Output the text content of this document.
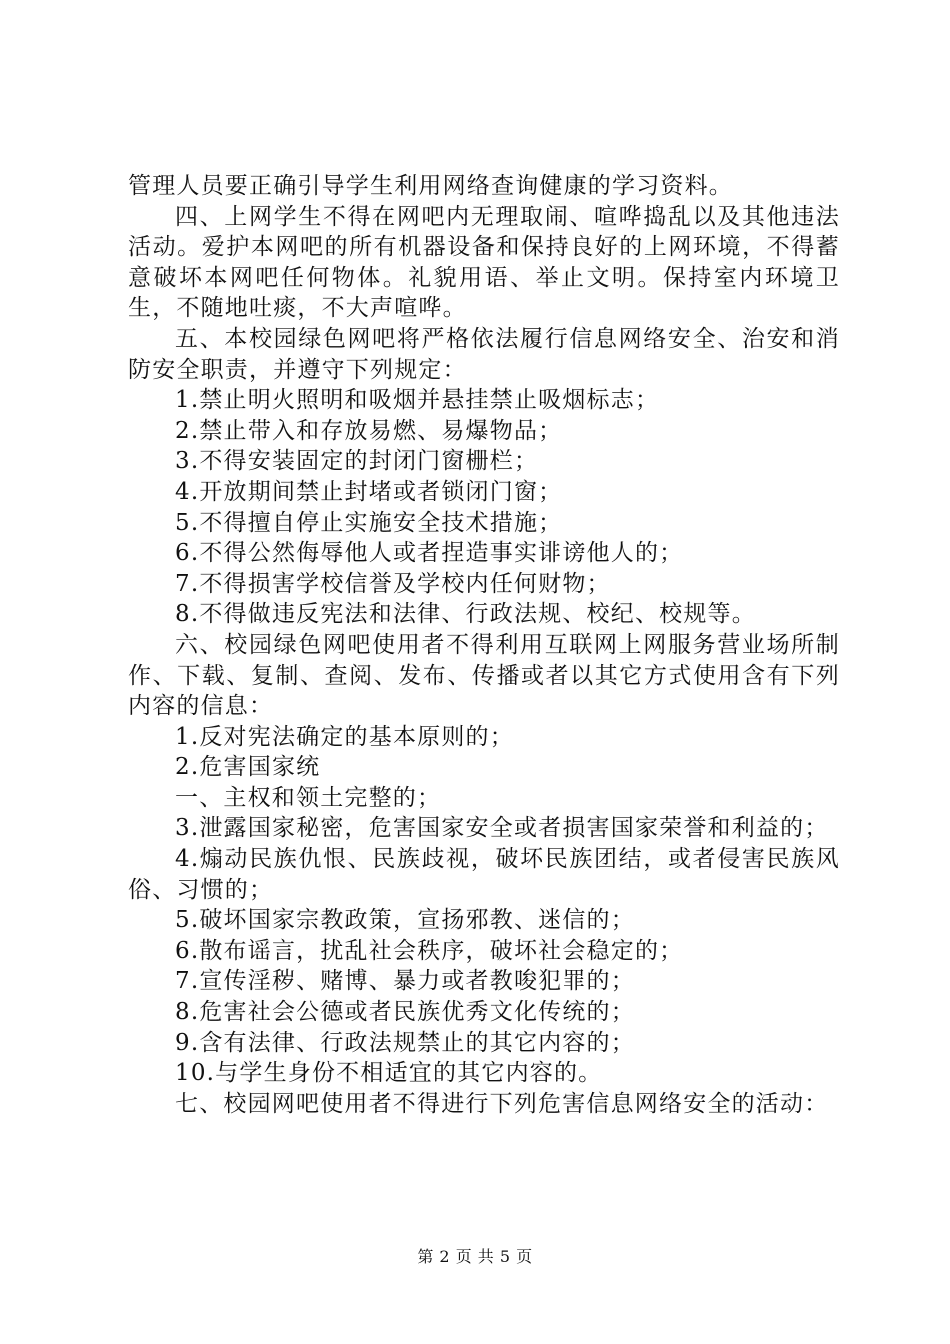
管理人员要正确引导学生利用网络查询健康的学习资料。

四、上网学生不得在网吧内无理取闹、喧哗捣乱以及其他违法活动。爱护本网吧的所有机器设备和保持良好的上网环境，不得蓄意破坏本网吧任何物体。礼貌用语、举止文明。保持室内环境卫生，不随地吐痰，不大声喧哗。

五、本校园绿色网吧将严格依法履行信息网络安全、治安和消防安全职责，并遵守下列规定：

1.禁止明火照明和吸烟并悬挂禁止吸烟标志；

2.禁止带入和存放易燃、易爆物品；

3.不得安装固定的封闭门窗栅栏；

4.开放期间禁止封堵或者锁闭门窗；

5.不得擅自停止实施安全技术措施；

6.不得公然侮辱他人或者捏造事实诽谤他人的；

7.不得损害学校信誉及学校内任何财物；

8.不得做违反宪法和法律、行政法规、校纪、校规等。

六、校园绿色网吧使用者不得利用互联网上网服务营业场所制作、下载、复制、查阅、发布、传播或者以其它方式使用含有下列内容的信息：

1.反对宪法确定的基本原则的；

2.危害国家统

一、主权和领土完整的；

3.泄露国家秘密，危害国家安全或者损害国家荣誉和利益的；

4.煽动民族仇恨、民族歧视，破坏民族团结，或者侵害民族风俗、习惯的；

5.破坏国家宗教政策，宣扬邪教、迷信的；

6.散布谣言，扰乱社会秩序，破坏社会稳定的；

7.宣传淫秽、赌博、暴力或者教唆犯罪的；

8.危害社会公德或者民族优秀文化传统的；

9.含有法律、行政法规禁止的其它内容的；

10.与学生身份不相适宜的其它内容的。

七、校园网吧使用者不得进行下列危害信息网络安全的活动：

第 2 页 共 5 页
